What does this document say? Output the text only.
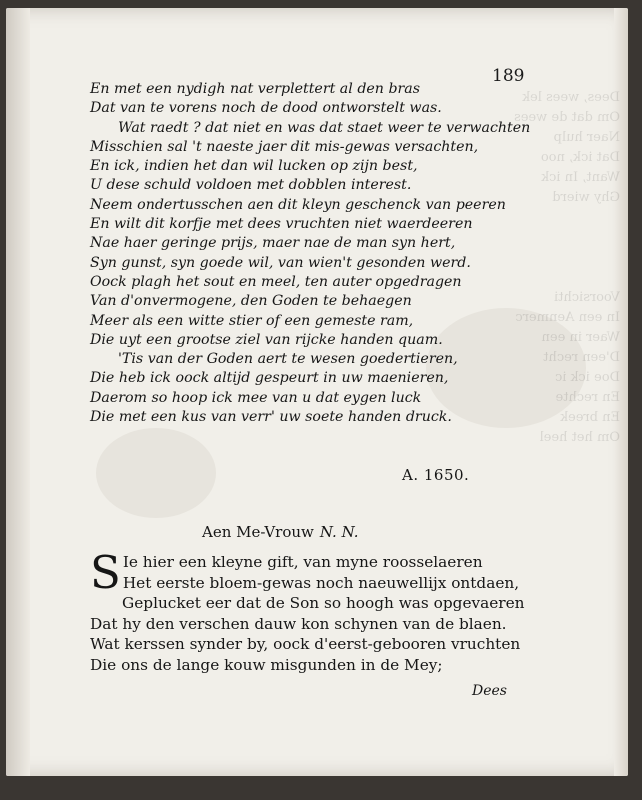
Dees, wees lek
Om dat de wees
Naer hulp
Dat ick, noo
Want, In ick
Ghy wierd
Voorsichti
In een Aenmerc
Waer in een
D'een recht
Doe ick ic
En rechte
En breek
Om het heel
189
En met een nydigh nat verplettert al den bras
Dat van te vorens noch de dood ontworstelt was.
Wat raedt ? dat niet en was dat staet weer te verwachten
Misschien sal 't naeste jaer dit mis-gewas versachten,
En ick, indien het dan wil lucken op zijn best,
U dese schuld voldoen met dobblen interest.
Neem ondertusschen aen dit kleyn geschenck van peeren
En wilt dit korfje met dees vruchten niet waerdeeren
Nae haer geringe prijs, maer nae de man syn hert,
Syn gunst, syn goede wil, van wien't gesonden werd.
Oock plagh het sout en meel, ten auter opgedragen
Van d'onvermogene, den Goden te behaegen
Meer als een witte stier of een gemeste ram,
Die uyt een grootse ziel van rijcke handen quam.
'Tis van der Goden aert te wesen goedertieren,
Die heb ick oock altijd gespeurt in uw maenieren,
Daerom so hoop ick mee van u dat eygen luck
Die met een kus van verr' uw soete handen druck.
A. 1650.
Aen Me-Vrouw N. N.
S Ie hier een kleyne gift, van myne roosselaeren
Het eerste bloem-gewas noch naeuwellijx ontdaen,
Geplucket eer dat de Son so hoogh was opgevaeren
Dat hy den verschen dauw kon schynen van de blaen.
Wat kerssen synder by, oock d'eerst-gebooren vruchten
Die ons de lange kouw misgunden in de Mey;
Dees
